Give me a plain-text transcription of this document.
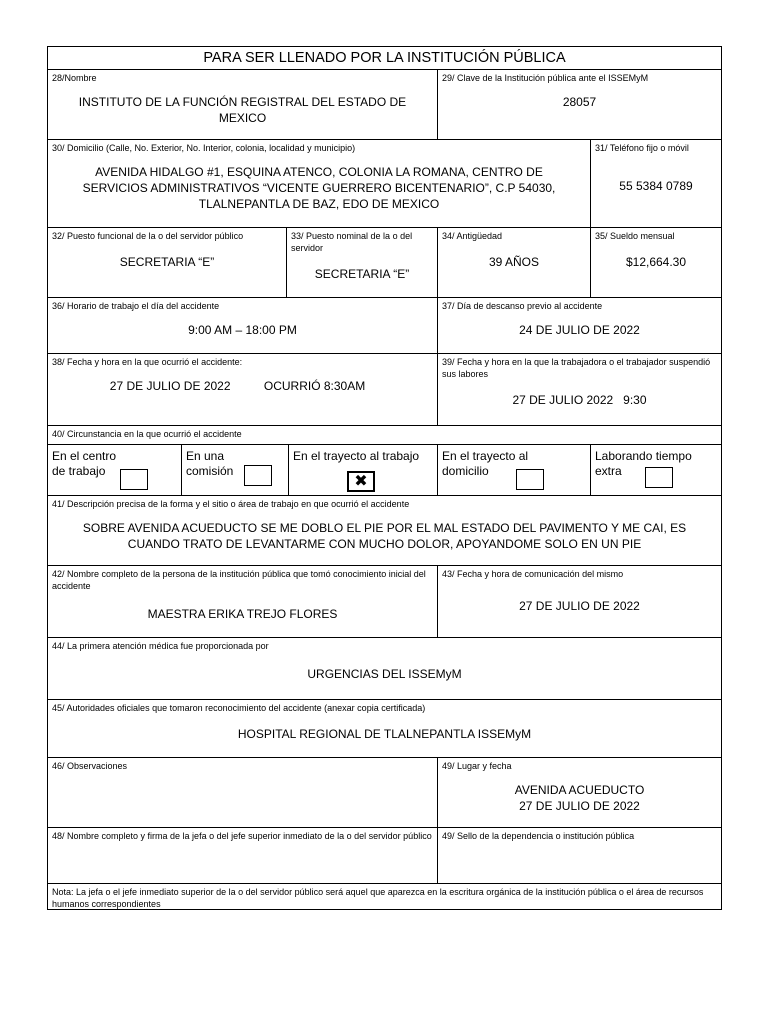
PARA SER LLENADO POR LA INSTITUCIÓN PÚBLICA
28/Nombre
INSTITUTO DE LA FUNCIÓN REGISTRAL DEL ESTADO DE MEXICO
29/ Clave de la Institución pública ante el ISSEMyM
28057
30/ Domicilio (Calle, No. Exterior, No. Interior, colonia, localidad y municipio)
AVENIDA HIDALGO #1, ESQUINA ATENCO, COLONIA LA ROMANA, CENTRO DE SERVICIOS ADMINISTRATIVOS “VICENTE GUERRERO BICENTENARIO”, C.P 54030, TLALNEPANTLA DE BAZ, EDO DE MEXICO
31/ Teléfono fijo o móvil
55 5384 0789
32/ Puesto funcional de la o del servidor público
SECRETARIA “E”
33/ Puesto nominal de la o del servidor
SECRETARIA “E”
34/ Antigüedad
39 AÑOS
35/ Sueldo mensual
$12,664.30
36/ Horario de trabajo el día del accidente
9:00 AM – 18:00 PM
37/ Día de descanso previo al accidente
24 DE JULIO DE 2022
38/ Fecha y hora en la que ocurrió el accidente:
27 DE JULIO DE 2022	OCURRIÓ 8:30AM
39/ Fecha y hora en la que la trabajadora o el trabajador suspendió sus labores
27 DE JULIO 2022   9:30
40/ Circunstancia en la que ocurrió el accidente
En el centro de trabajo
En una comisión
En el trayecto al trabajo
✖
En el trayecto al domicilio
Laborando tiempo extra
41/ Descripción precisa de la forma y el sitio o área de trabajo en que ocurrió el accidente
SOBRE AVENIDA ACUEDUCTO SE ME DOBLO EL PIE POR EL MAL ESTADO DEL PAVIMENTO Y ME CAI, ES CUANDO TRATO DE LEVANTARME CON MUCHO DOLOR, APOYANDOME SOLO EN UN PIE
42/ Nombre completo de la persona de la institución pública que tomó conocimiento inicial del accidente
MAESTRA ERIKA TREJO FLORES
43/ Fecha y hora de comunicación del mismo
27 DE JULIO DE 2022
44/ La primera atención médica fue proporcionada por
URGENCIAS DEL ISSEMyM
45/ Autoridades oficiales que tomaron reconocimiento del accidente (anexar copia certificada)
HOSPITAL REGIONAL DE TLALNEPANTLA ISSEMyM
46/ Observaciones	49/ Lugar y fecha
AVENIDA ACUEDUCTO
27 DE JULIO DE 2022
48/ Nombre completo y firma de la jefa o del jefe superior inmediato de la o del servidor público 49/ Sello de la dependencia o institución pública
Nota: La jefa o el jefe inmediato superior de la o del servidor público será aquel que aparezca en la escritura orgánica de la institución pública o el área de recursos humanos correspondientes
